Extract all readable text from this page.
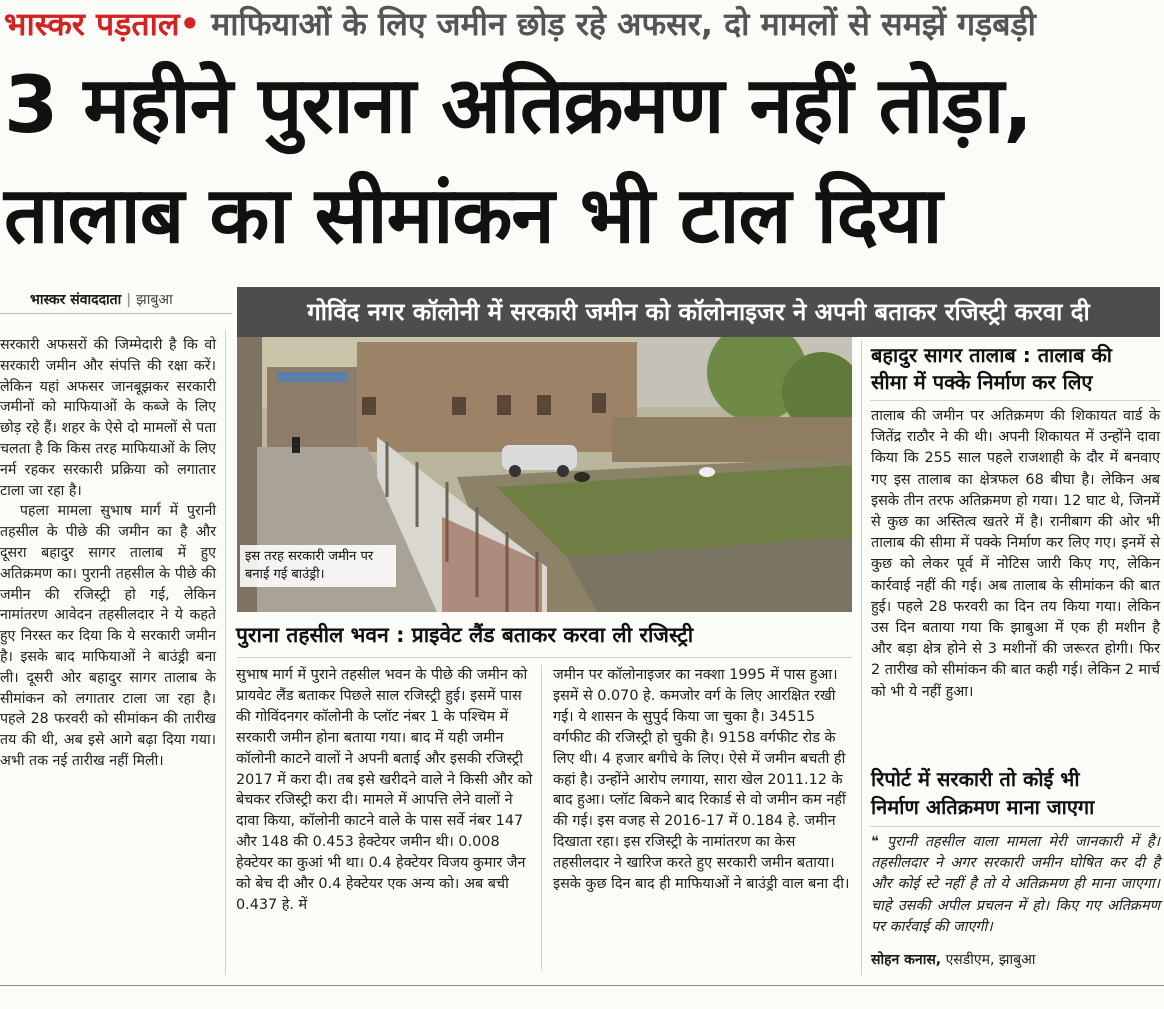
भास्कर पड़ताल• माफियाओं के लिए जमीन छोड़ रहे अफसर, दो मामलों से समझें गड़बड़ी
3 महीने पुराना अतिक्रमण नहीं तोड़ा,
तालाब का सीमांकन भी टाल दिया
भास्कर संवाददाता | झाबुआ
सरकारी अफसरों की जिम्मेदारी है कि वो सरकारी जमीन और संपत्ति की रक्षा करें। लेकिन यहां अफसर जानबूझकर सरकारी जमीनों को माफियाओं के कब्जे के लिए छोड़ रहे हैं। शहर के ऐसे दो मामलों से पता चलता है कि किस तरह माफियाओं के लिए नर्म रहकर सरकारी प्रक्रिया को लगातार टाला जा रहा है।
पहला मामला सुभाष मार्ग में पुरानी तहसील के पीछे की जमीन का है और दूसरा बहादुर सागर तालाब में हुए अतिक्रमण का। पुरानी तहसील के पीछे की जमीन की रजिस्ट्री हो गई, लेकिन नामांतरण आवेदन तहसीलदार ने ये कहते हुए निरस्त कर दिया कि ये सरकारी जमीन है। इसके बाद माफियाओं ने बाउंड्री बना ली। दूसरी ओर बहादुर सागर तालाब के सीमांकन को लगातार टाला जा रहा है। पहले 28 फरवरी को सीमांकन की तारीख तय की थी, अब इसे आगे बढ़ा दिया गया। अभी तक नई तारीख नहीं मिली।
गोविंद नगर कॉलोनी में सरकारी जमीन को कॉलोनाइजर ने अपनी बताकर रजिस्ट्री करवा दी
इस तरह सरकारी जमीन पर बनाई गई बाउंड्री।
पुराना तहसील भवन : प्राइवेट लैंड बताकर करवा ली रजिस्ट्री
सुभाष मार्ग में पुराने तहसील भवन के पीछे की जमीन को प्रायवेट लैंड बताकर पिछले साल रजिस्ट्री हुई। इसमें पास की गोविंदनगर कॉलोनी के प्लॉट नंबर 1 के पश्चिम में सरकारी जमीन होना बताया गया। बाद में यही जमीन कॉलोनी काटने वालों ने अपनी बताई और इसकी रजिस्ट्री 2017 में करा दी। तब इसे खरीदने वाले ने किसी और को बेचकर रजिस्ट्री करा दी। मामले में आपत्ति लेने वालों ने दावा किया, कॉलोनी काटने वाले के पास सर्वे नंबर 147 और 148 की 0.453 हेक्टेयर जमीन थी। 0.008 हेक्टेयर का कुआं भी था। 0.4 हेक्टेयर विजय कुमार जैन को बेच दी और 0.4 हेक्टेयर एक अन्य को। अब बची 0.437 हे. में
जमीन पर कॉलोनाइजर का नक्शा 1995 में पास हुआ। इसमें से 0.070 हे. कमजोर वर्ग के लिए आरक्षित रखी गई। ये शासन के सुपुर्द किया जा चुका है। 34515 वर्गफीट की रजिस्ट्री हो चुकी है। 9158 वर्गफीट रोड के लिए थी। 4 हजार बगीचे के लिए। ऐसे में जमीन बचती ही कहां है। उन्होंने आरोप लगाया, सारा खेल 2011.12 के बाद हुआ। प्लॉट बिकने बाद रिकार्ड से वो जमीन कम नहीं की गई। इस वजह से 2016-17 में 0.184 हे. जमीन दिखाता रहा। इस रजिस्ट्री के नामांतरण का केस तहसीलदार ने खारिज करते हुए सरकारी जमीन बताया। इसके कुछ दिन बाद ही माफियाओं ने बाउंड्री वाल बना दी।
बहादुर सागर तालाब : तालाब की
सीमा में पक्के निर्माण कर लिए
तालाब की जमीन पर अतिक्रमण की शिकायत वार्ड के जितेंद्र राठौर ने की थी। अपनी शिकायत में उन्होंने दावा किया कि 255 साल पहले राजशाही के दौर में बनवाए गए इस तालाब का क्षेत्रफल 68 बीघा है। लेकिन अब इसके तीन तरफ अतिक्रमण हो गया। 12 घाट थे, जिनमें से कुछ का अस्तित्व खतरे में है। रानीबाग की ओर भी तालाब की सीमा में पक्के निर्माण कर लिए गए। इनमें से कुछ को लेकर पूर्व में नोटिस जारी किए गए, लेकिन कार्रवाई नहीं की गई। अब तालाब के सीमांकन की बात हुई। पहले 28 फरवरी का दिन तय किया गया। लेकिन उस दिन बताया गया कि झाबुआ में एक ही मशीन है और बड़ा क्षेत्र होने से 3 मशीनों की जरूरत होगी। फिर 2 तारीख को सीमांकन की बात कही गई। लेकिन 2 मार्च को भी ये नहीं हुआ।
रिपोर्ट में सरकारी तो कोई भी
निर्माण अतिक्रमण माना जाएगा
❝ पुरानी तहसील वाला मामला मेरी जानकारी में है। तहसीलदार ने अगर सरकारी जमीन घोषित कर दी है और कोई स्टे नहीं है तो ये अतिक्रमण ही माना जाएगा। चाहे उसकी अपील प्रचलन में हो। किए गए अतिक्रमण पर कार्रवाई की जाएगी।
सोहन कनास, एसडीएम, झाबुआ
